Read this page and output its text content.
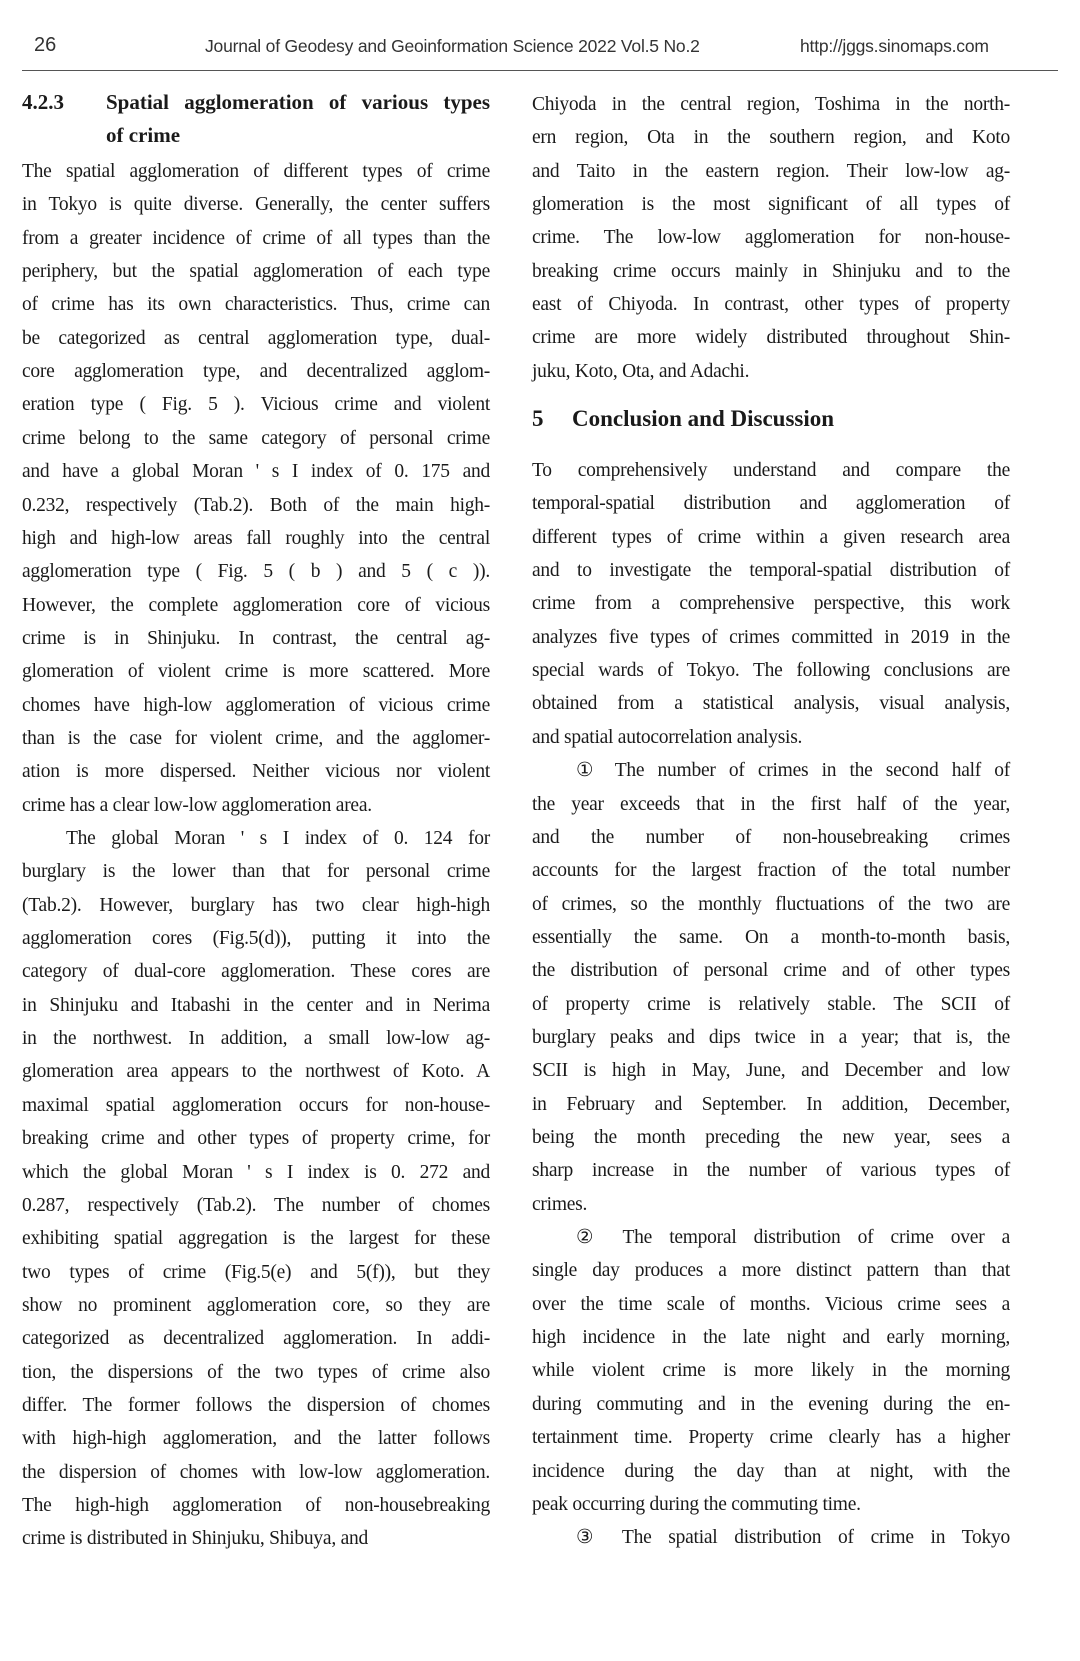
26	Journal of Geodesy and Geoinformation Science 2022 Vol.5 No.2	http://jggs.sinomaps.com
4.2.3 Spatial agglomeration of various types
of crime
The spatial agglomeration of different types of crime
in Tokyo is quite diverse. Generally, the center suffers
from a greater incidence of crime of all types than the
periphery, but the spatial agglomeration of each type
of crime has its own characteristics. Thus, crime can
be categorized as central agglomeration type, dual-
core agglomeration type, and decentralized agglom-
eration type ( Fig. 5 ). Vicious crime and violent
crime belong to the same category of personal crime
and have a global Moran ' s I index of 0. 175 and
0.232, respectively (Tab.2). Both of the main high-
high and high-low areas fall roughly into the central
agglomeration type ( Fig. 5 ( b ) and 5 ( c )).
However, the complete agglomeration core of vicious
crime is in Shinjuku. In contrast, the central ag-
glomeration of violent crime is more scattered. More
chomes have high-low agglomeration of vicious crime
than is the case for violent crime, and the agglomer-
ation is more dispersed. Neither vicious nor violent
crime has a clear low-low agglomeration area.
The global Moran ' s I index of 0. 124 for
burglary is the lower than that for personal crime
(Tab.2). However, burglary has two clear high-high
agglomeration cores (Fig.5(d)), putting it into the
category of dual-core agglomeration. These cores are
in Shinjuku and Itabashi in the center and in Nerima
in the northwest. In addition, a small low-low ag-
glomeration area appears to the northwest of Koto. A
maximal spatial agglomeration occurs for non-house-
breaking crime and other types of property crime, for
which the global Moran ' s I index is 0. 272 and
0.287, respectively (Tab.2). The number of chomes
exhibiting spatial aggregation is the largest for these
two types of crime (Fig.5(e) and 5(f)), but they
show no prominent agglomeration core, so they are
categorized as decentralized agglomeration. In addi-
tion, the dispersions of the two types of crime also
differ. The former follows the dispersion of chomes
with high-high agglomeration, and the latter follows
the dispersion of chomes with low-low agglomeration.
The high-high agglomeration of non-housebreaking
crime is distributed in Shinjuku, Shibuya, and
Chiyoda in the central region, Toshima in the north-
ern region, Ota in the southern region, and Koto
and Taito in the eastern region. Their low-low ag-
glomeration is the most significant of all types of
crime. The low-low agglomeration for non-house-
breaking crime occurs mainly in Shinjuku and to the
east of Chiyoda. In contrast, other types of property
crime are more widely distributed throughout Shin-
juku, Koto, Ota, and Adachi.
5 Conclusion and Discussion
To comprehensively understand and compare the
temporal-spatial distribution and agglomeration of
different types of crime within a given research area
and to investigate the temporal-spatial distribution of
crime from a comprehensive perspective, this work
analyzes five types of crimes committed in 2019 in the
special wards of Tokyo. The following conclusions are
obtained from a statistical analysis, visual analysis,
and spatial autocorrelation analysis.
① The number of crimes in the second half of
the year exceeds that in the first half of the year,
and the number of non-housebreaking crimes
accounts for the largest fraction of the total number
of crimes, so the monthly fluctuations of the two are
essentially the same. On a month-to-month basis,
the distribution of personal crime and of other types
of property crime is relatively stable. The SCII of
burglary peaks and dips twice in a year; that is, the
SCII is high in May, June, and December and low
in February and September. In addition, December,
being the month preceding the new year, sees a
sharp increase in the number of various types of
crimes.
② The temporal distribution of crime over a
single day produces a more distinct pattern than that
over the time scale of months. Vicious crime sees a
high incidence in the late night and early morning,
while violent crime is more likely in the morning
during commuting and in the evening during the en-
tertainment time. Property crime clearly has a higher
incidence during the day than at night, with the
peak occurring during the commuting time.
③ The spatial distribution of crime in Tokyo
